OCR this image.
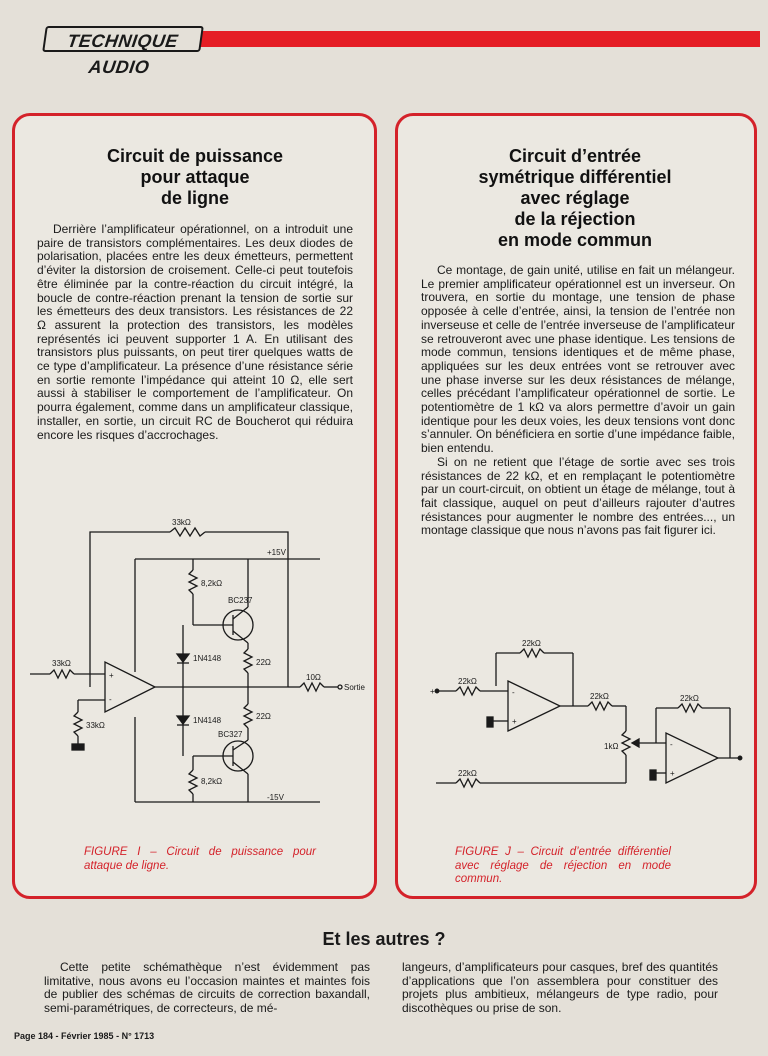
TECHNIQUE AUDIO
Circuit de puissance
pour attaque
de ligne

Derrière l’amplificateur opérationnel, on a introduit une paire de transistors complémentaires. Les deux diodes de polarisation, placées entre les deux émetteurs, permettent d’éviter la distorsion de croisement. Celle-ci peut toutefois être éliminée par la contre-réaction du circuit intégré, la boucle de contre-réaction prenant la tension de sortie sur les émetteurs des deux transistors. Les résistances de 22 Ω assurent la protection des transistors, les modèles représentés ici peuvent supporter 1 A. En utilisant des transistors plus puissants, on peut tirer quelques watts de ce type d’amplificateur. La présence d’une résistance série en sortie remonte l’impédance qui atteint 10 Ω, elle sert aussi à stabiliser le comportement de l’amplificateur. On pourra également, comme dans un amplificateur classique, installer, en sortie, un circuit RC de Boucherot qui réduira encore les risques d’accrochages.

33kΩ
+15V
-15V
8,2kΩ
BC237
22Ω
22Ω
BC327
8,2kΩ
1N4148
1N4148
+
-
33kΩ
33kΩ
10Ω
Sortie
FIGURE I – Circuit de puissance pour attaque de ligne.
Circuit d’entrée
symétrique différentiel
avec réglage
de la réjection
en mode commun

Ce montage, de gain unité, utilise en fait un mélangeur. Le premier amplificateur opérationnel est un inverseur. On trouvera, en sortie du montage, une tension de phase opposée à celle d’entrée, ainsi, la tension de l’entrée non inverseuse et celle de l’entrée inverseuse de l’amplificateur se retrouveront avec une phase identique. Les tensions de mode commun, tensions identiques et de même phase, appliquées sur les deux entrées vont se retrouver avec une phase inverse sur les deux résistances de mélange, celles précédant l’amplificateur opérationnel de sortie. Le potentiomètre de 1 kΩ va alors permettre d’avoir un gain identique pour les deux voies, les deux tensions vont donc s’annuler. On bénéficiera en sortie d’une impédance faible, bien entendu.

Si on ne retient que l’étage de sortie avec ses trois résistances de 22 kΩ, et en remplaçant le potentiomètre par un court-circuit, on obtient un étage de mélange, tout à fait classique, auquel on peut d’ailleurs rajouter d’autres résistances pour augmenter le nombre des entrées..., un montage classique que nous n’avons pas fait figurer ici.

22kΩ
+
22kΩ
-
+
22kΩ
1kΩ	-
+
22kΩ
22kΩ
FIGURE J – Circuit d’entrée différentiel avec réglage de réjection en mode commun.
Et les autres ?
Cette petite schémathèque n’est évidemment pas limitative, nous avons eu l’occasion maintes et maintes fois de publier des schémas de circuits de correction baxandall, semi-paramétriques, de correcteurs, de mé-
langeurs, d’amplificateurs pour casques, bref des quantités d’applications que l’on assemblera pour constituer des projets plus ambitieux, mélangeurs de type radio, pour discothèques ou prise de son.
Page 184 - Février 1985 - N° 1713
